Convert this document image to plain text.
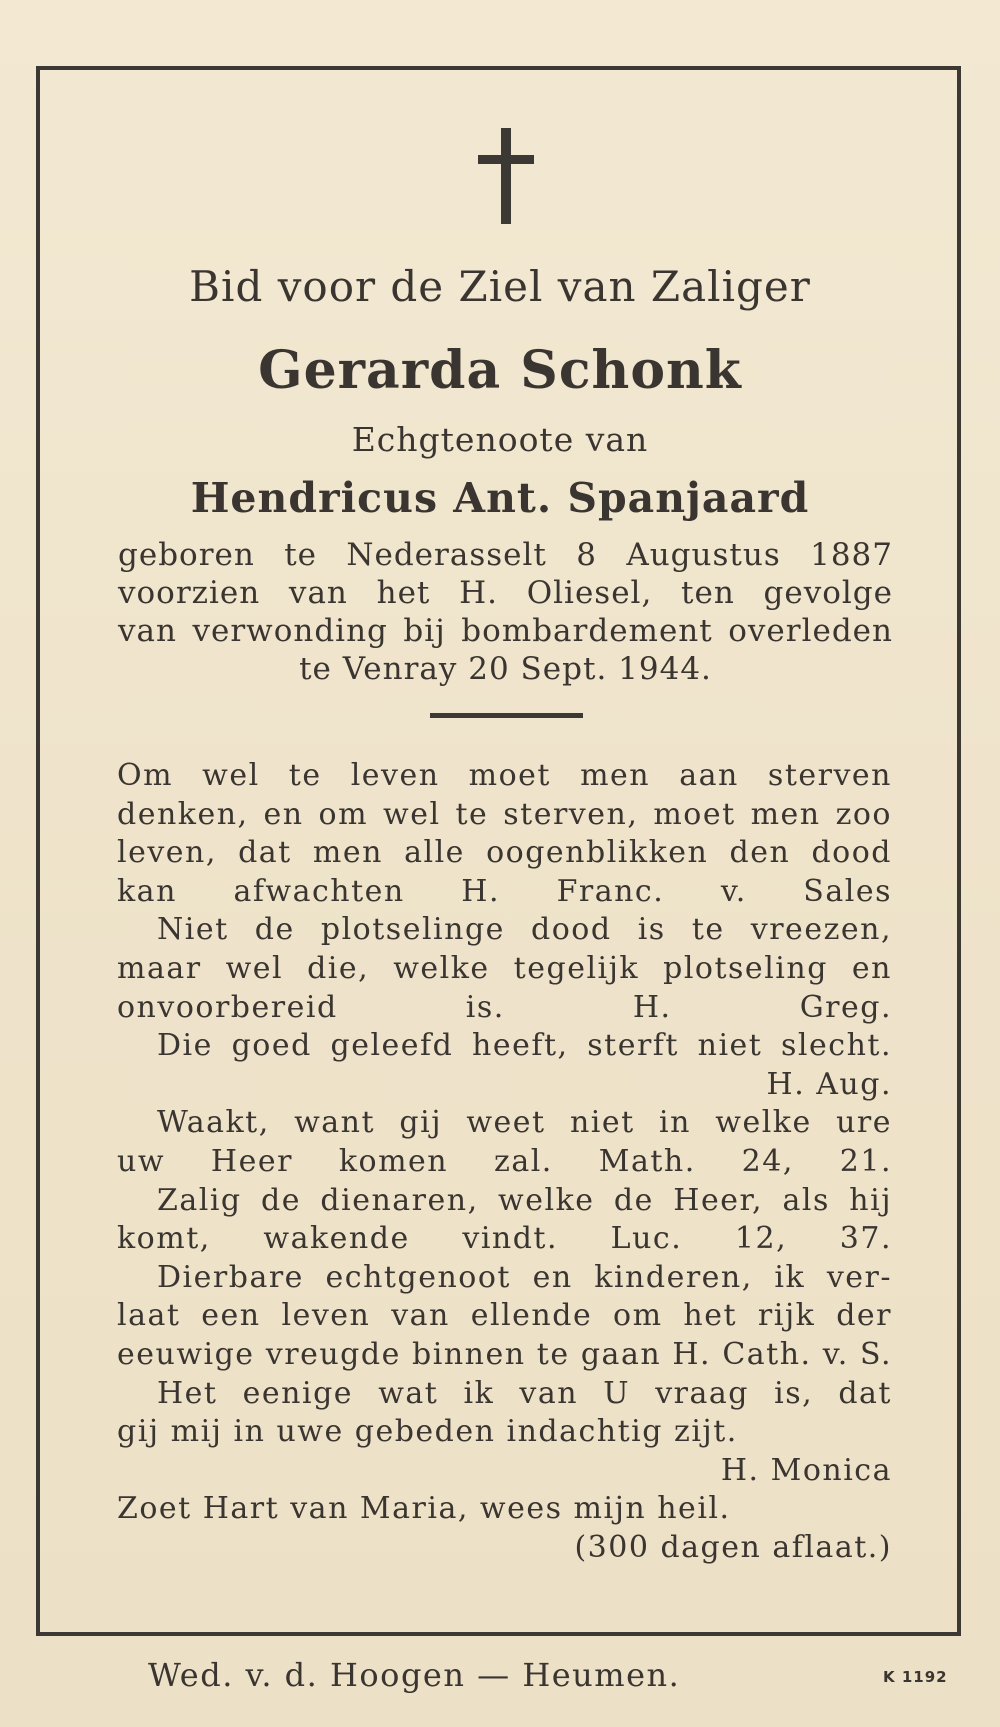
Bid voor de Ziel van Zaliger
Gerarda Schonk
Echgtenoote van
Hendricus Ant. Spanjaard
geboren te Nederasselt 8 Augustus 1887
voorzien van het H. Oliesel, ten gevolge
van verwonding bij bombardement overleden
te Venray 20 Sept. 1944.
Om wel te leven moet men aan sterven
denken, en om wel te sterven, moet men zoo
leven, dat men alle oogenblikken den dood
kan afwachten H. Franc. v. Sales
Niet de plotselinge dood is te vreezen,
maar wel die, welke tegelijk plotseling en
onvoorbereid is. H. Greg.
Die goed geleefd heeft, sterft niet slecht.
H. Aug.
Waakt, want gij weet niet in welke ure
uw Heer komen zal. Math. 24, 21.
Zalig de dienaren, welke de Heer, als hij
komt, wakende vindt. Luc. 12, 37.
Dierbare echtgenoot en kinderen, ik ver-
laat een leven van ellende om het rijk der
eeuwige vreugde binnen te gaan H. Cath. v. S.
Het eenige wat ik van U vraag is, dat
gij mij in uwe gebeden indachtig zijt.
H. Monica
Zoet Hart van Maria, wees mijn heil.
(300 dagen aflaat.)
Wed. v. d. Hoogen — Heumen.	K 1192
